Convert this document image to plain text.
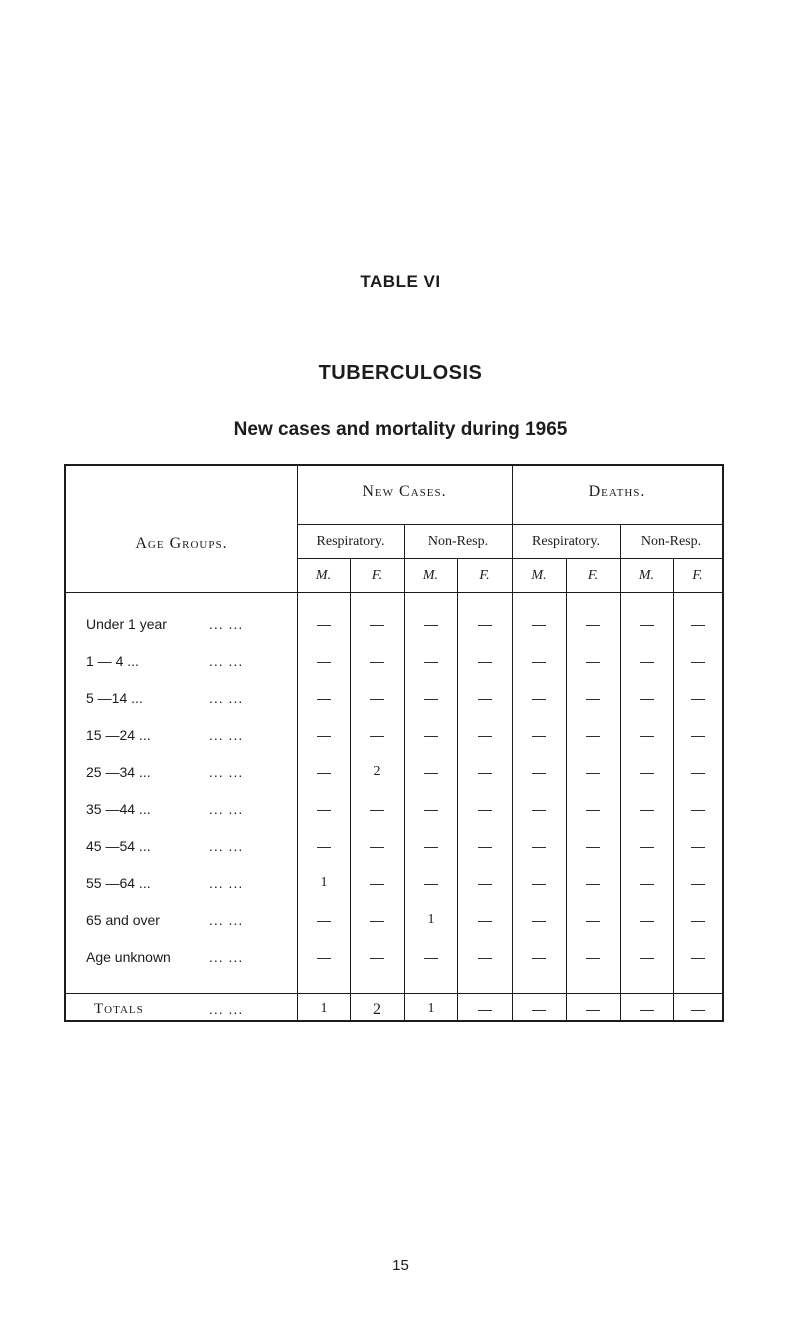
TABLE VI
TUBERCULOSIS
New cases and mortality during 1965
Age Groups.
New Cases.	Deaths.
Respiratory.	Non-Resp.	Respiratory.	Non-Resp.
M.	F.	M.	F.	M.	F.	M.	F.
Under 1 year	... ...	—	—	—	—	—	—	—	—
1 — 4 ...	... ...	—	—	—	—	—	—	—	—
5 —14 ...	... ...	—	—	—	—	—	—	—	—
15 —24 ...	... ...	—	—	—	—	—	—	—	—
25 —34 ...	... ...	—	2	—	—	—	—	—	—
35 —44 ...	... ...	—	—	—	—	—	—	—	—
45 —54 ...	... ...	—	—	—	—	—	—	—	—
55 —64 ...	... ...	1	—	—	—	—	—	—	—
65 and over	... ...	—	—	1	—	—	—	—	—
Age unknown	... ...	—	—	—	—	—	—	—	—
Totals	... ...	1	2	1	—	—	—	—	—
15
